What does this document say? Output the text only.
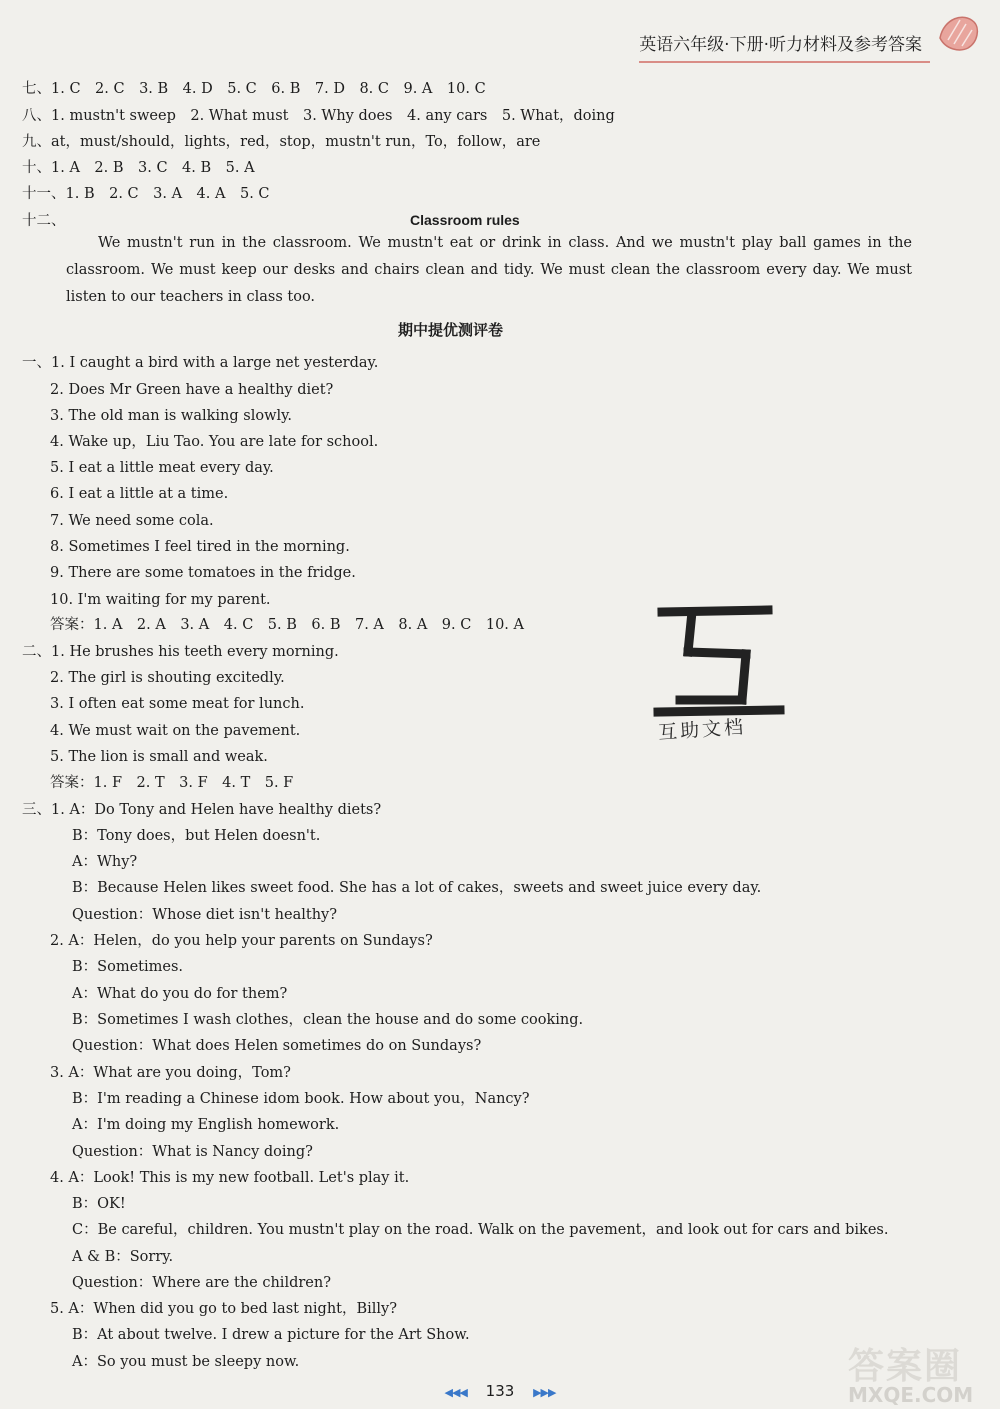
英语六年级·下册·听力材料及参考答案
七、1. C　2. C　3. B　4. D　5. C　6. B　7. D　8. C　9. A　10. C
八、1. mustn't sweep　2. What must　3. Why does　4. any cars　5. What，doing
九、at，must/should，lights，red，stop，mustn't run，To，follow，are
十、1. A　2. B　3. C　4. B　5. A
十一、1. B　2. C　3. A　4. A　5. C
十二、	Classroom rules
We mustn't run in the classroom. We mustn't eat or drink in class. And we mustn't play ball games in the classroom. We must keep our desks and chairs clean and tidy. We must clean the classroom every day. We must listen to our teachers in class too.
期中提优测评卷
一、1. I caught a bird with a large net yesterday.
2. Does Mr Green have a healthy diet?
3. The old man is walking slowly.
4. Wake up，Liu Tao. You are late for school.
5. I eat a little meat every day.
6. I eat a little at a time.
7. We need some cola.
8. Sometimes I feel tired in the morning.
9. There are some tomatoes in the fridge.
10. I'm waiting for my parent.
答案：1. A　2. A　3. A　4. C　5. B　6. B　7. A　8. A　9. C　10. A
二、1. He brushes his teeth every morning.
2. The girl is shouting excitedly.
3. I often eat some meat for lunch.
4. We must wait on the pavement.
5. The lion is small and weak.
答案：1. F　2. T　3. F　4. T　5. F
三、1. A：Do Tony and Helen have healthy diets?
B：Tony does，but Helen doesn't.
A：Why?
B：Because Helen likes sweet food. She has a lot of cakes，sweets and sweet juice every day.
Question：Whose diet isn't healthy?
2. A：Helen，do you help your parents on Sundays?
B：Sometimes.
A：What do you do for them?
B：Sometimes I wash clothes，clean the house and do some cooking.
Question：What does Helen sometimes do on Sundays?
3. A：What are you doing，Tom?
B：I'm reading a Chinese idom book. How about you，Nancy?
A：I'm doing my English homework.
Question：What is Nancy doing?
4. A：Look! This is my new football. Let's play it.
B：OK!
C：Be careful，children. You mustn't play on the road. Walk on the pavement，and look out for cars and bikes.
A & B：Sorry.
Question：Where are the children?
5. A：When did you go to bed last night，Billy?
B：At about twelve. I drew a picture for the Art Show.
A：So you must be sleepy now.
互助文档
◀◀◀ 133 ▶▶▶
答案圈
MXQE.COM
